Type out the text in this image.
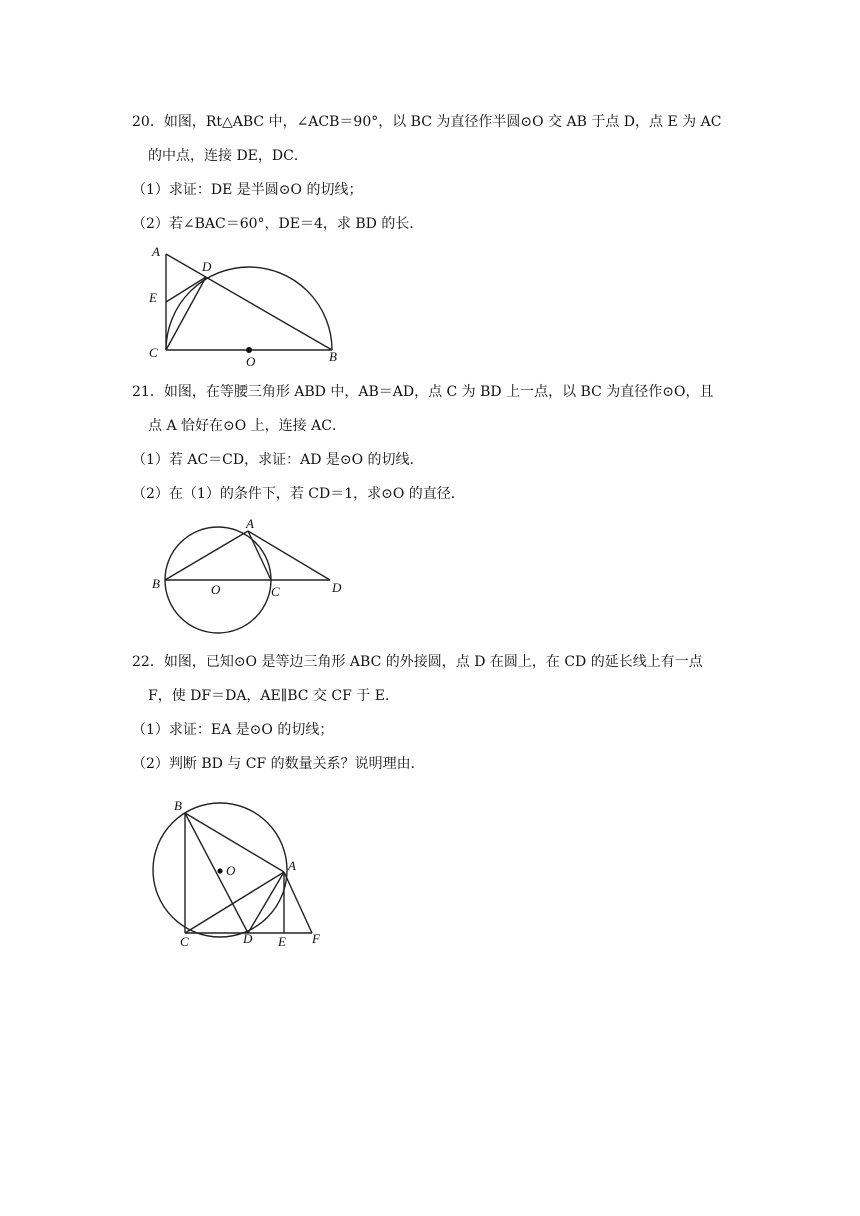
20．如图，Rt△ABC 中，∠ACB＝90°，以 BC 为直径作半圆⊙O 交 AB 于点 D，点 E 为 AC
的中点，连接 DE，DC．
（1）求证：DE 是半圆⊙O 的切线；
（2）若∠BAC＝60°，DE＝4，求 BD 的长．
A
D
E
C
O	B
21．如图，在等腰三角形 ABD 中，AB＝AD，点 C 为 BD 上一点，以 BC 为直径作⊙O，且
点 A 恰好在⊙O 上，连接 AC．
（1）若 AC＝CD，求证：AD 是⊙O 的切线．
（2）在（1）的条件下，若 CD＝1，求⊙O 的直径．
A
B	O	C	D
22．如图，已知⊙O 是等边三角形 ABC 的外接圆，点 D 在圆上，在 CD 的延长线上有一点
F，使 DF＝DA，AE∥BC 交 CF 于 E．
（1）求证：EA 是⊙O 的切线；
（2）判断 BD 与 CF 的数量关系？说明理由．
B
O	A
C	D E F
